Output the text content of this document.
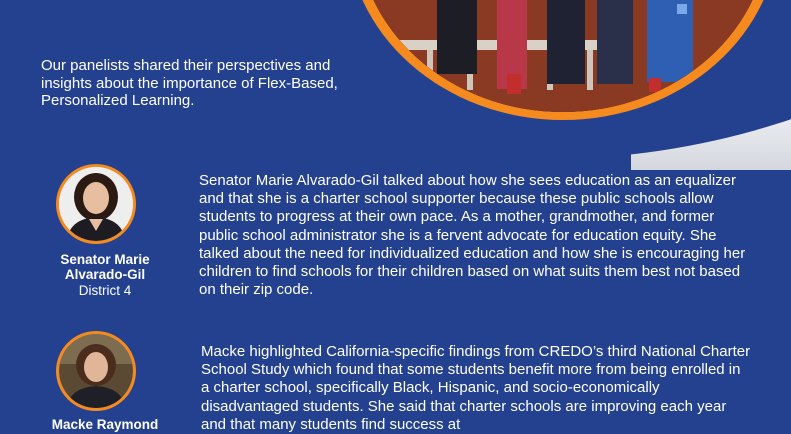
Our panelists shared their perspectives and insights about the importance of Flex-Based, Personalized Learning.
Senator Marie Alvarado-Gil
District 4
Senator Marie Alvarado-Gil talked about how she sees education as an equalizer and that she is a charter school supporter because these public schools allow students to progress at their own pace. As a mother, grandmother, and former public school administrator she is a fervent advocate for education equity. She talked about the need for individualized education and how she is encouraging her children to find schools for their children based on what suits them best not based on their zip code.
Macke Raymond
Macke highlighted California-specific findings from CREDO’s third National Charter School Study which found that some students benefit more from being enrolled in a charter school, specifically Black, Hispanic, and socio-economically disadvantaged students. She said that charter schools are improving each year and that many students find success at
